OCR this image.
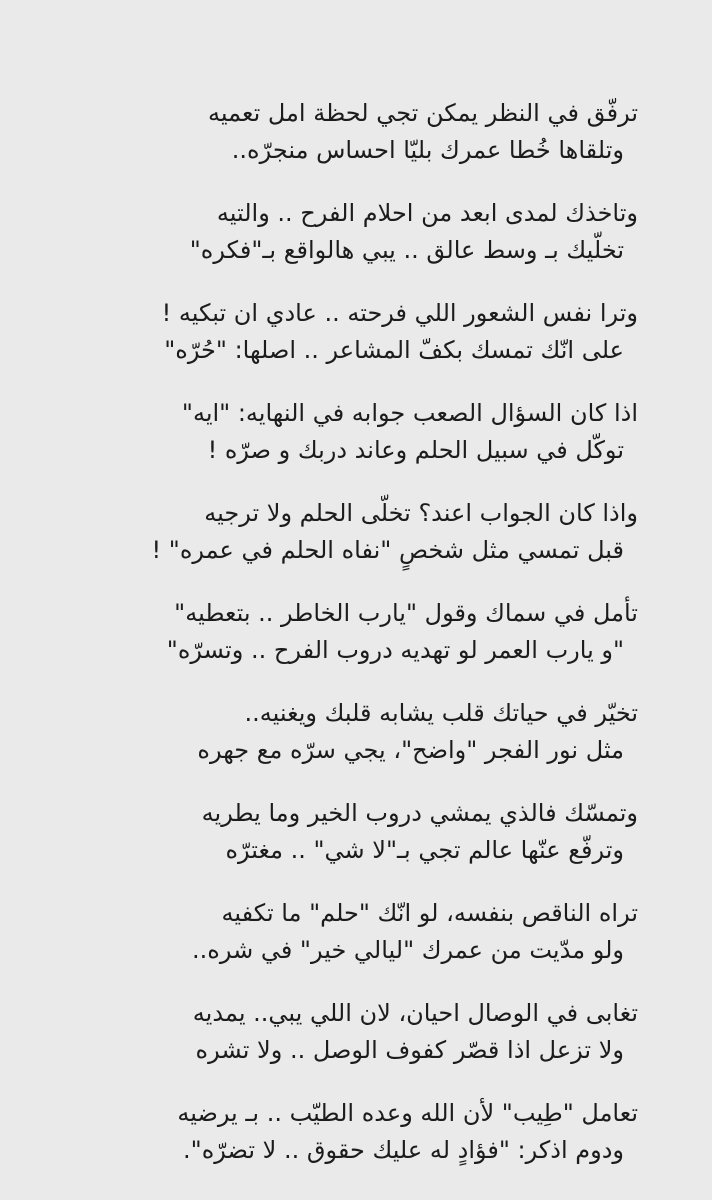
ترفّق في النظر يمكن تجي لحظة امل تعميه
وتلقاها خُطا عمرك بليّا احساس منجرّه..
وتاخذك لمدى ابعد من احلام الفرح .. والتيه
تخلّيك بـ وسط عالق .. يبي هالواقع بـ"فكره"
وترا نفس الشعور اللي فرحته .. عادي ان تبكيه !
على انّك تمسك بكفّ المشاعر .. اصلها: "حُرّه"
اذا كان السؤال الصعب جوابه في النهايه: "ايه"
توكّل في سبيل الحلم وعاند دربك و صرّه !
واذا كان الجواب اعند؟ تخلّى الحلم ولا ترجيه
قبل تمسي مثل شخصٍ "نفاه الحلم في عمره" !
تأمل في سماك وقول "يارب الخاطر .. بتعطيه"
"و يارب العمر لو تهديه دروب الفرح .. وتسرّه"
تخيّر في حياتك قلب يشابه قلبك ويغنيه..
مثل نور الفجر "واضح"، يجي سرّه مع جهره
وتمسّك فالذي يمشي دروب الخير وما يطريه
وترفّع عنّها عالم تجي بـ"لا شي" .. مغترّه
تراه الناقص بنفسه، لو انّك "حلم" ما تكفيه
ولو مدّيت من عمرك "ليالي خير" في شره..
تغابى في الوصال احيان، لان اللي يبي.. يمديه
ولا تزعل اذا قصّر كفوف الوصل .. ولا تشره
تعامل "طِيب" لأن الله وعده الطيّب .. بـ يرضيه
ودوم اذكر: "فؤادٍ له عليك حقوق .. لا تضرّه".
